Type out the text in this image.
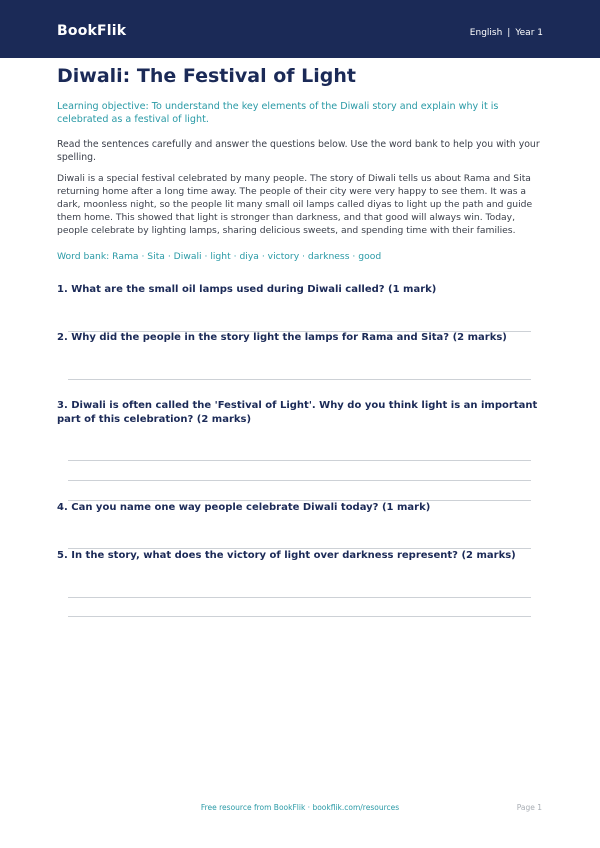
BookFlik	English | Year 1
Diwali: The Festival of Light
Learning objective: To understand the key elements of the Diwali story and explain why it is celebrated as a festival of light.
Read the sentences carefully and answer the questions below. Use the word bank to help you with your spelling.
Diwali is a special festival celebrated by many people. The story of Diwali tells us about Rama and Sita returning home after a long time away. The people of their city were very happy to see them. It was a dark, moonless night, so the people lit many small oil lamps called diyas to light up the path and guide them home. This showed that light is stronger than darkness, and that good will always win. Today, people celebrate by lighting lamps, sharing delicious sweets, and spending time with their families.
Word bank: Rama · Sita · Diwali · light · diya · victory · darkness · good
1. What are the small oil lamps used during Diwali called? (1 mark)
2. Why did the people in the story light the lamps for Rama and Sita? (2 marks)
3. Diwali is often called the 'Festival of Light'. Why do you think light is an important part of this celebration? (2 marks)
4. Can you name one way people celebrate Diwali today? (1 mark)
5. In the story, what does the victory of light over darkness represent? (2 marks)
Free resource from BookFlik · bookflik.com/resources	Page 1
